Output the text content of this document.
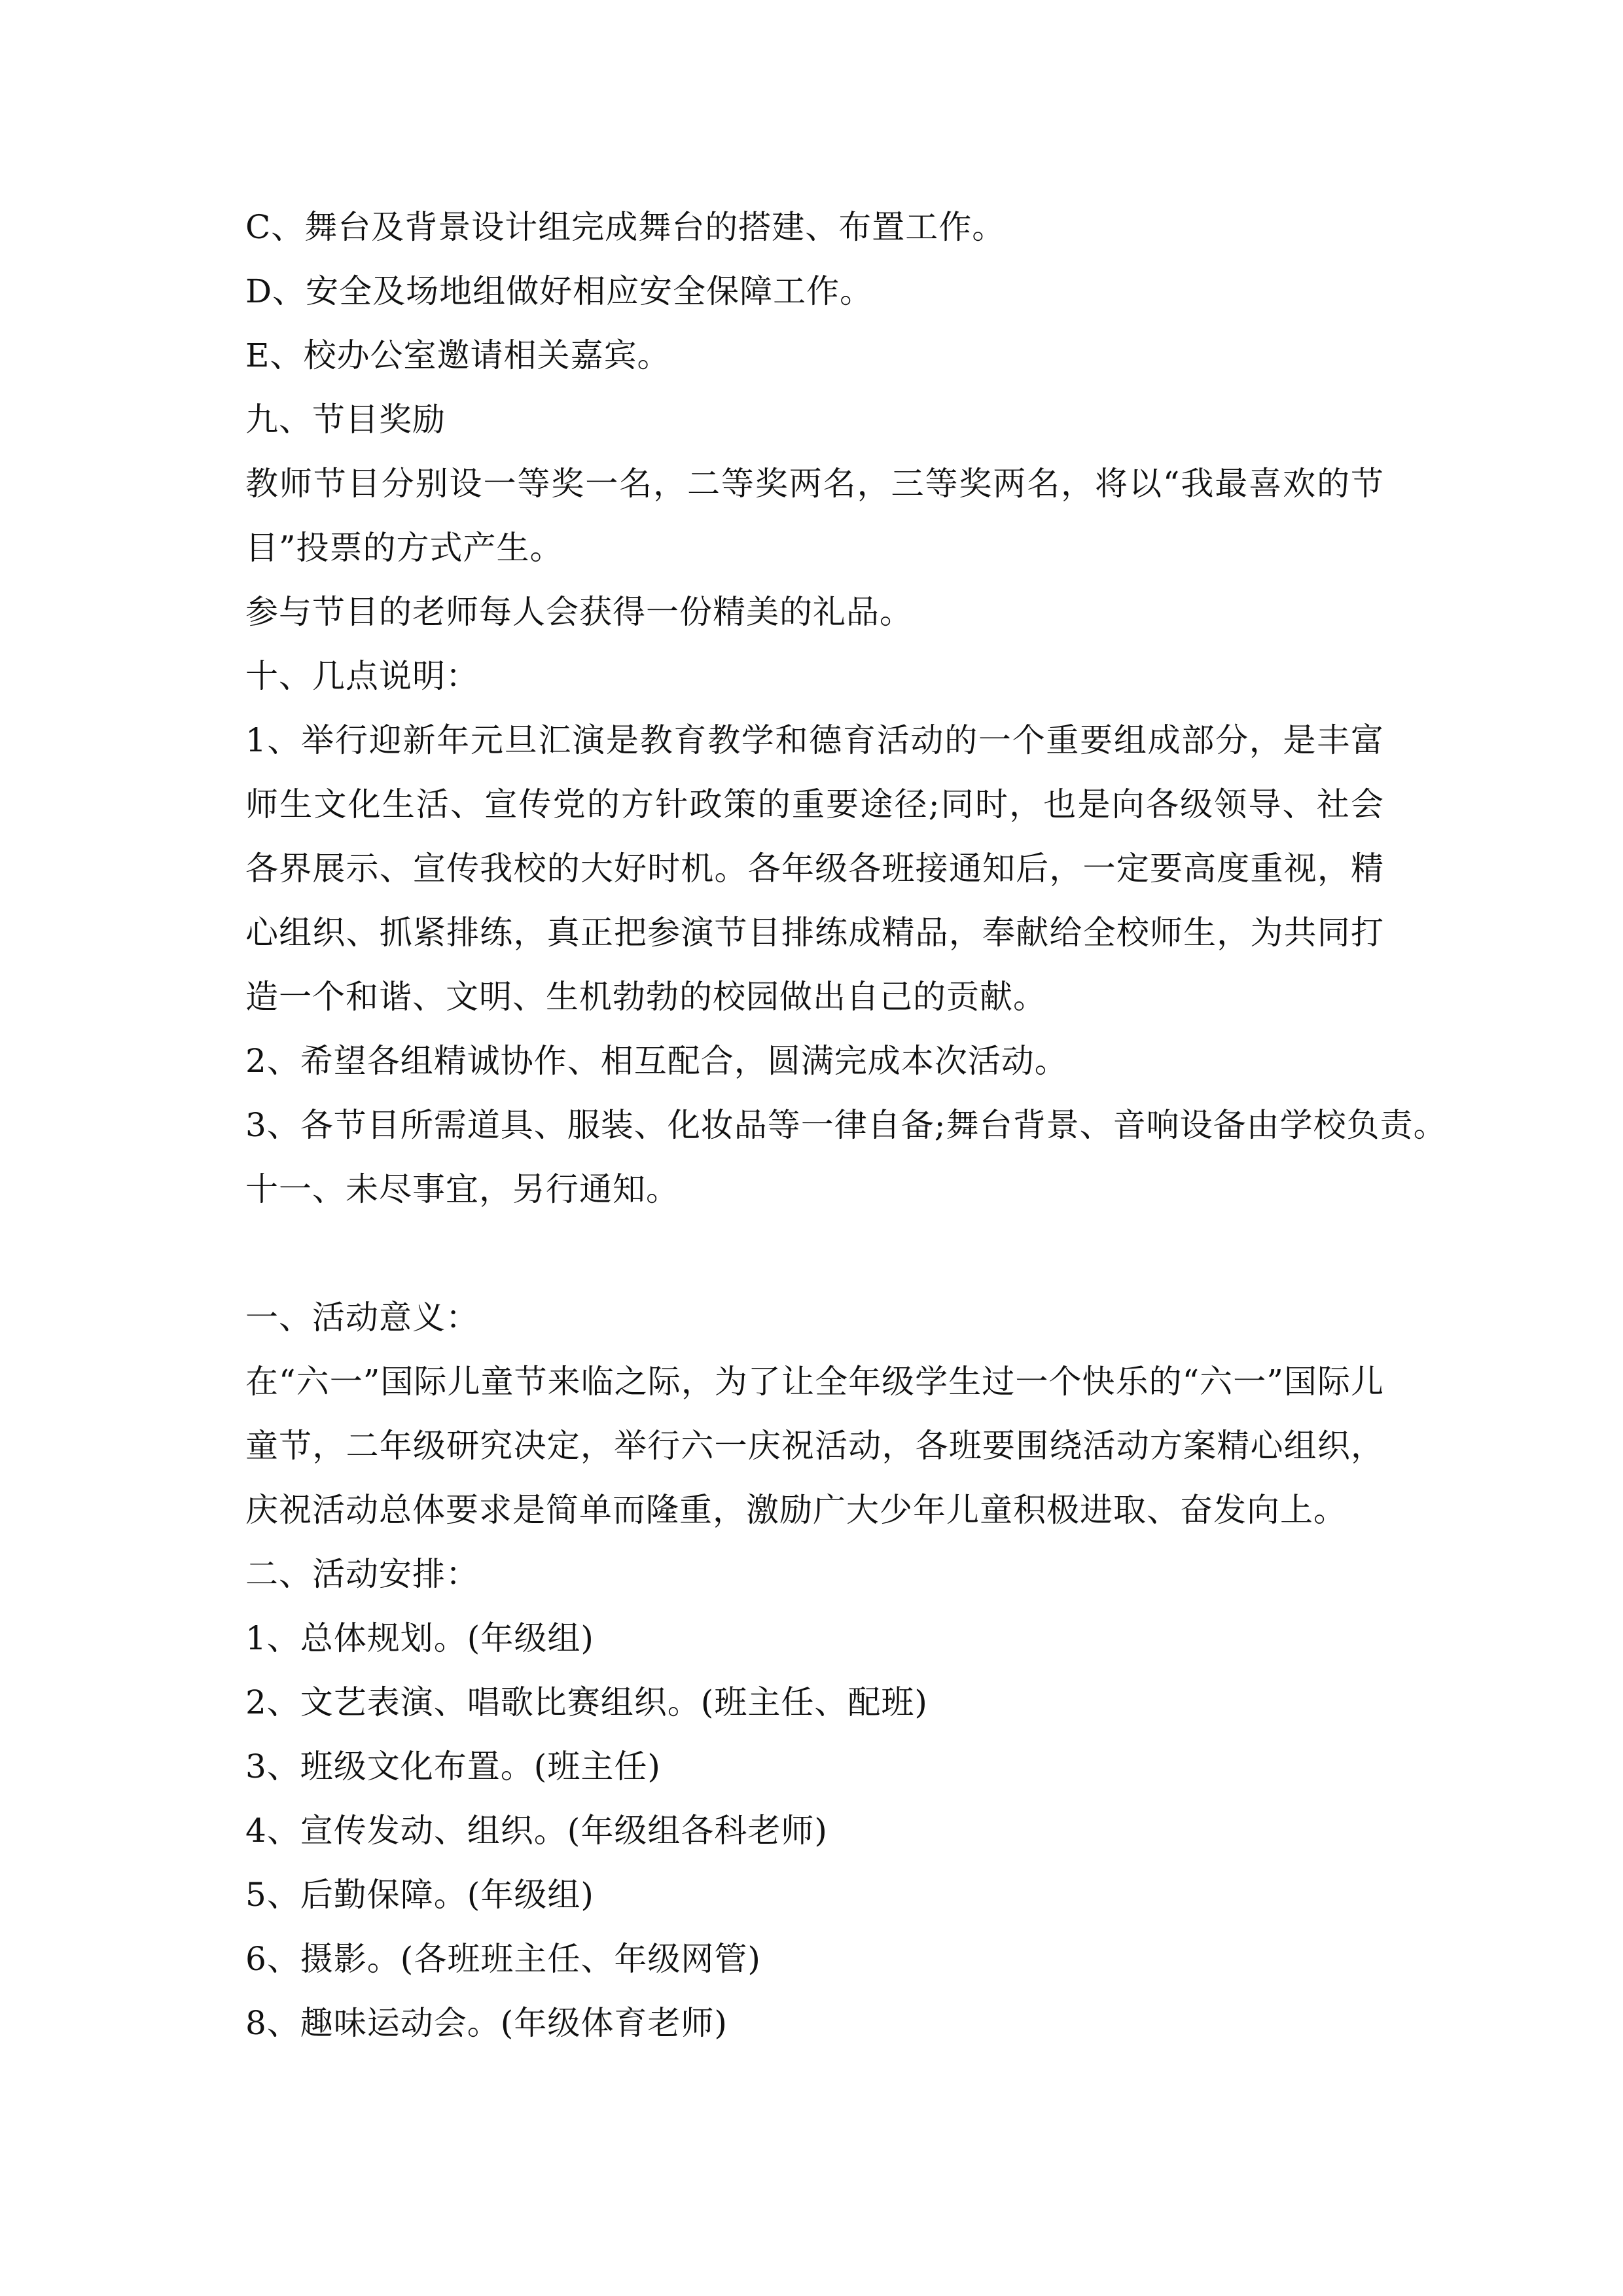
C、舞台及背景设计组完成舞台的搭建、布置工作。
D、安全及场地组做好相应安全保障工作。
E、校办公室邀请相关嘉宾。
九、节目奖励
教师节目分别设一等奖一名，二等奖两名，三等奖两名，将以“我最喜欢的节目”投票的方式产生。
参与节目的老师每人会获得一份精美的礼品。
十、几点说明：
1、举行迎新年元旦汇演是教育教学和德育活动的一个重要组成部分，是丰富师生文化生活、宣传党的方针政策的重要途径;同时，也是向各级领导、社会各界展示、宣传我校的大好时机。各年级各班接通知后，一定要高度重视，精心组织、抓紧排练，真正把参演节目排练成精品，奉献给全校师生，为共同打造一个和谐、文明、生机勃勃的校园做出自己的贡献。
2、希望各组精诚协作、相互配合，圆满完成本次活动。
3、各节目所需道具、服装、化妆品等一律自备;舞台背景、音响设备由学校负责。
十一、未尽事宜，另行通知。
一、活动意义：
在“六一”国际儿童节来临之际，为了让全年级学生过一个快乐的“六一”国际儿童节，二年级研究决定，举行六一庆祝活动，各班要围绕活动方案精心组织，庆祝活动总体要求是简单而隆重，激励广大少年儿童积极进取、奋发向上。
二、活动安排：
1、总体规划。(年级组)
2、文艺表演、唱歌比赛组织。(班主任、配班)
3、班级文化布置。(班主任)
4、宣传发动、组织。(年级组各科老师)
5、后勤保障。(年级组)
6、摄影。(各班班主任、年级网管)
8、趣味运动会。(年级体育老师)
